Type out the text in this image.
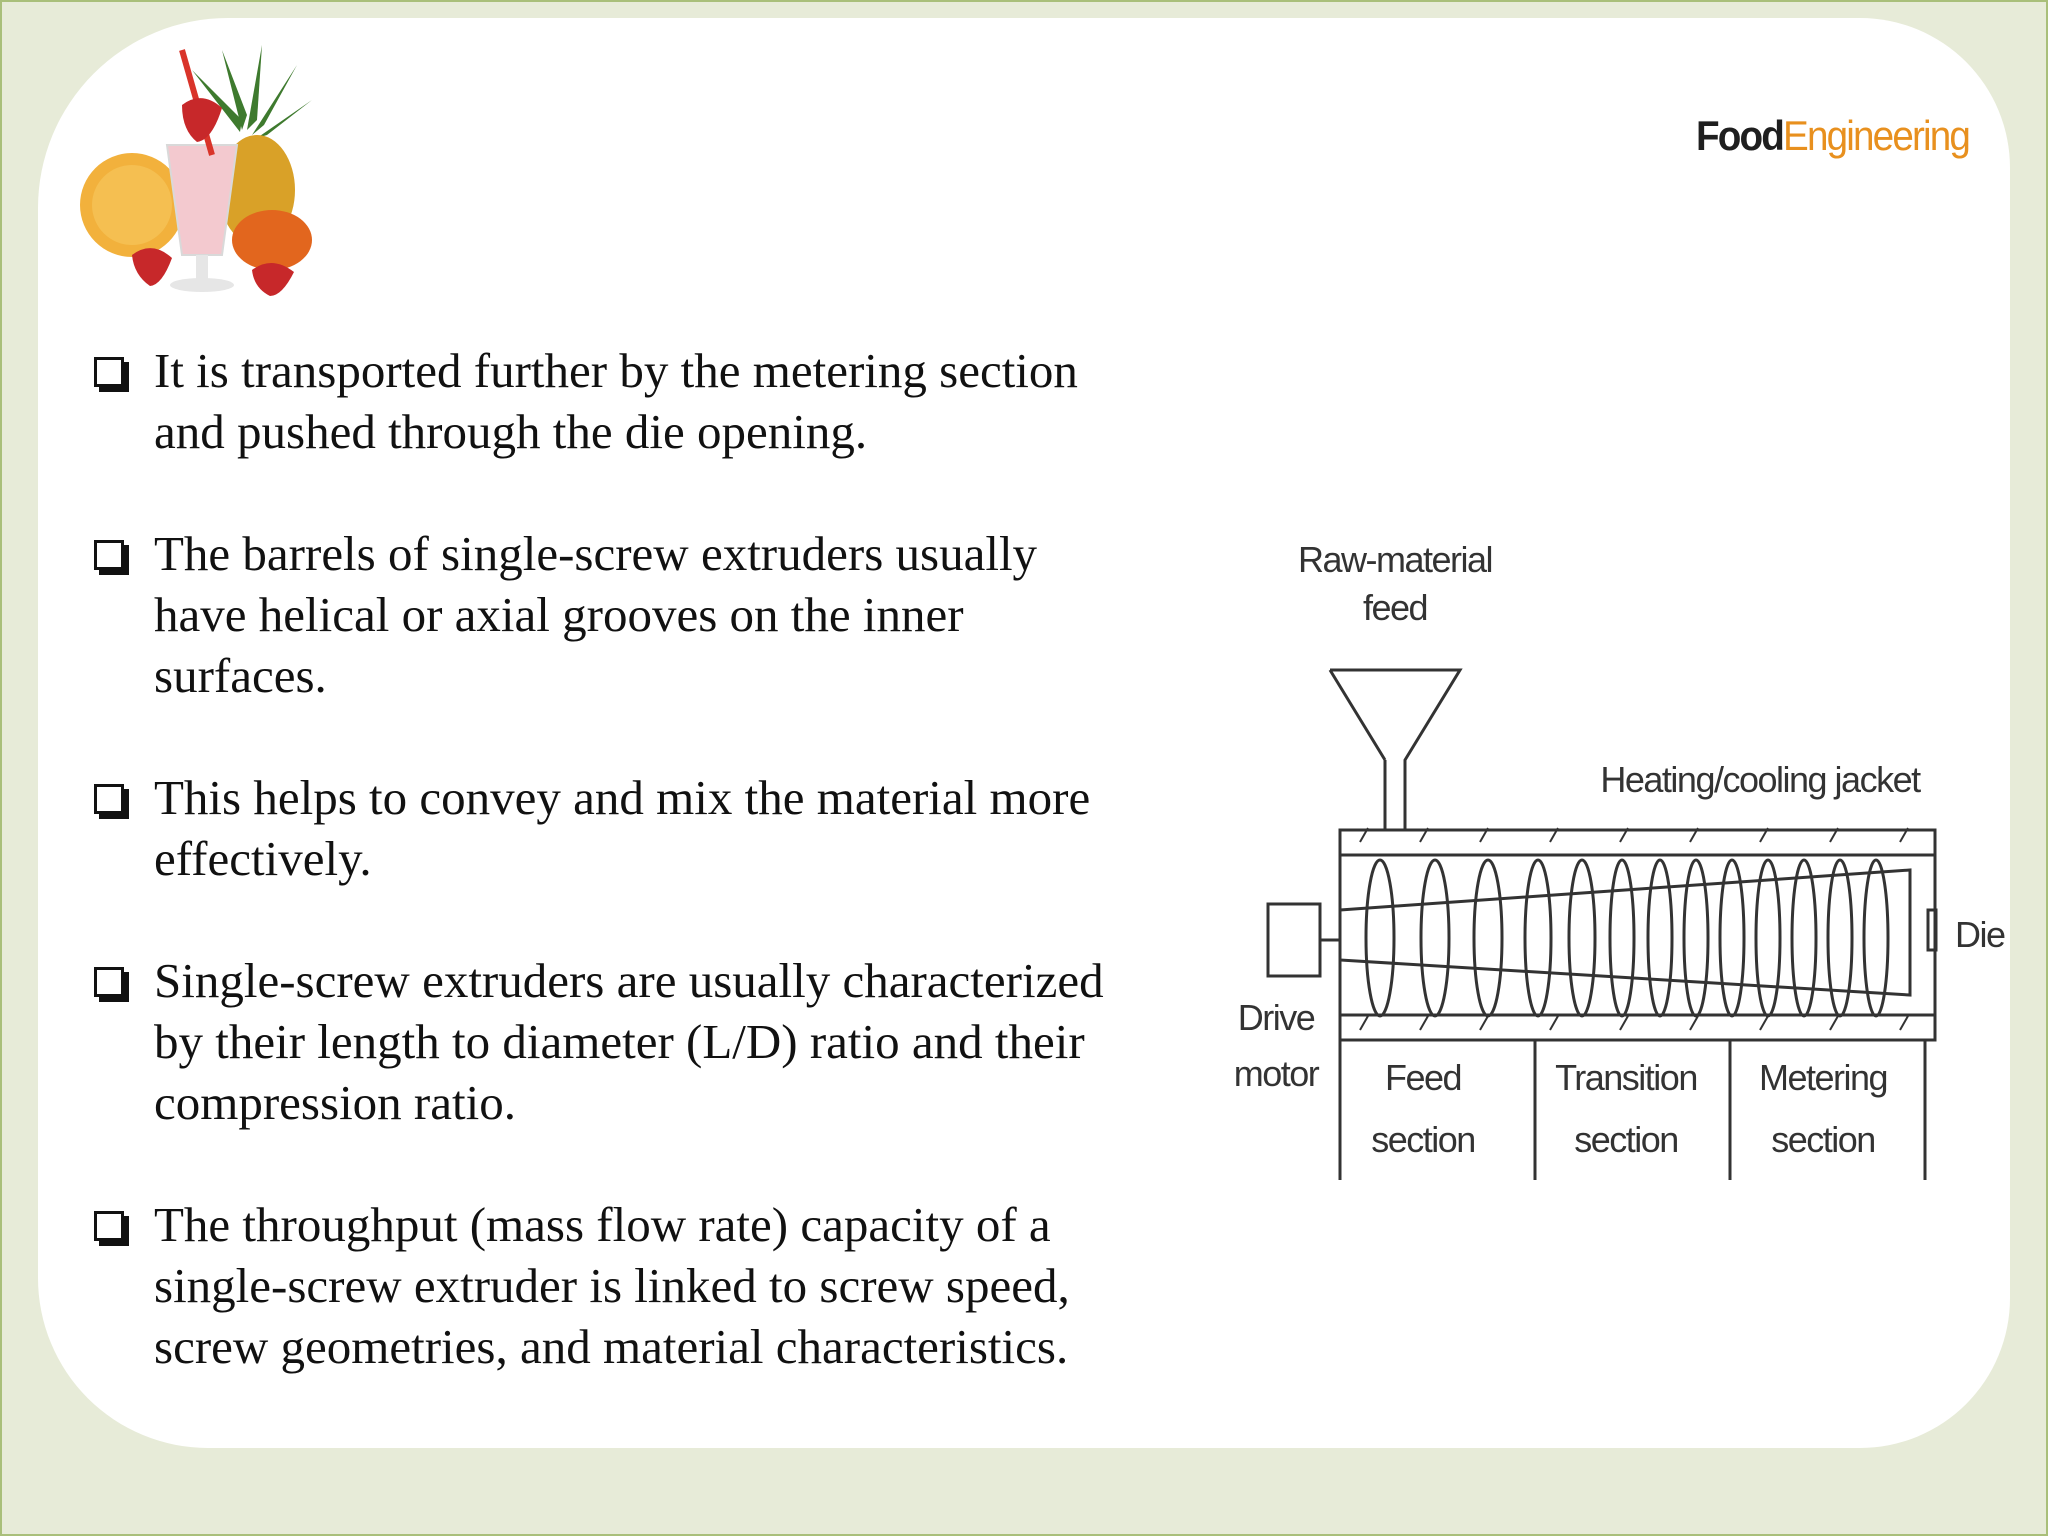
FoodEngineering
It is transported further by the metering section
and pushed through the die opening.
The barrels of single-screw extruders usually
have helical or axial grooves on the inner
surfaces.
This helps to convey and mix the material more
effectively.
Single-screw extruders are usually characterized
by their length to diameter (L/D) ratio and their
compression ratio.
The throughput (mass flow rate) capacity of a
single-screw extruder is linked to screw speed,
screw geometries, and material characteristics.
Raw-material
feed
Heating/cooling jacket
Die
Drive
motor Feed
section
Transition
section
Metering
section
